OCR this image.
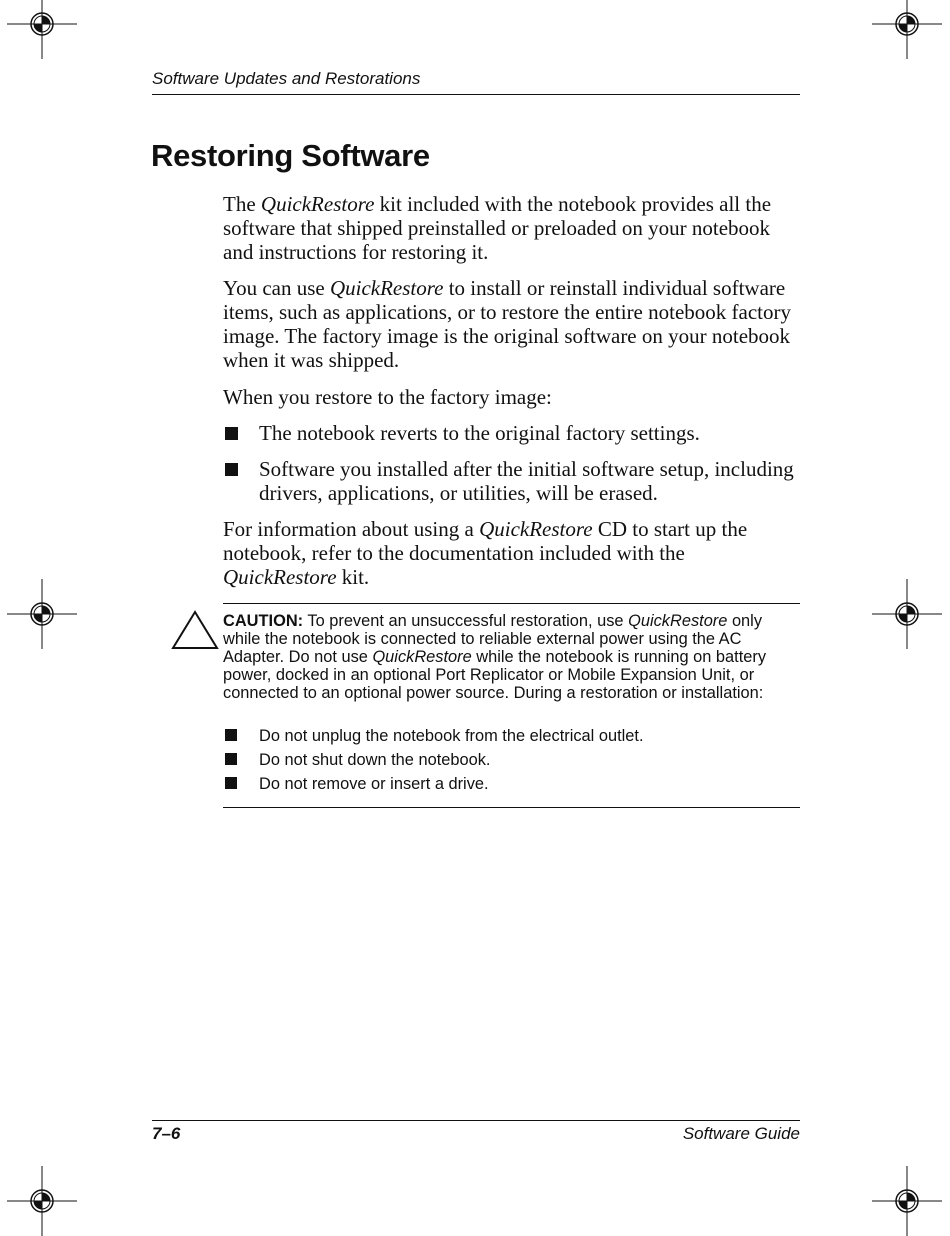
Software Updates and Restorations
Restoring Software

The QuickRestore kit included with the notebook provides all the software that shipped preinstalled or preloaded on your notebook and instructions for restoring it.

You can use QuickRestore to install or reinstall individual software items, such as applications, or to restore the entire notebook factory image. The factory image is the original software on your notebook when it was shipped.

When you restore to the factory image:

The notebook reverts to the original factory settings.
Software you installed after the initial software setup, including drivers, applications, or utilities, will be erased.

For information about using a QuickRestore CD to start up the notebook, refer to the documentation included with the QuickRestore kit.

CAUTION: To prevent an unsuccessful restoration, use QuickRestore only while the notebook is connected to reliable external power using the AC Adapter. Do not use QuickRestore while the notebook is running on battery power, docked in an optional Port Replicator or Mobile Expansion Unit, or connected to an optional power source. During a restoration or installation:

Do not unplug the notebook from the electrical outlet.
Do not shut down the notebook.
Do not remove or insert a drive.
7–6	Software Guide
